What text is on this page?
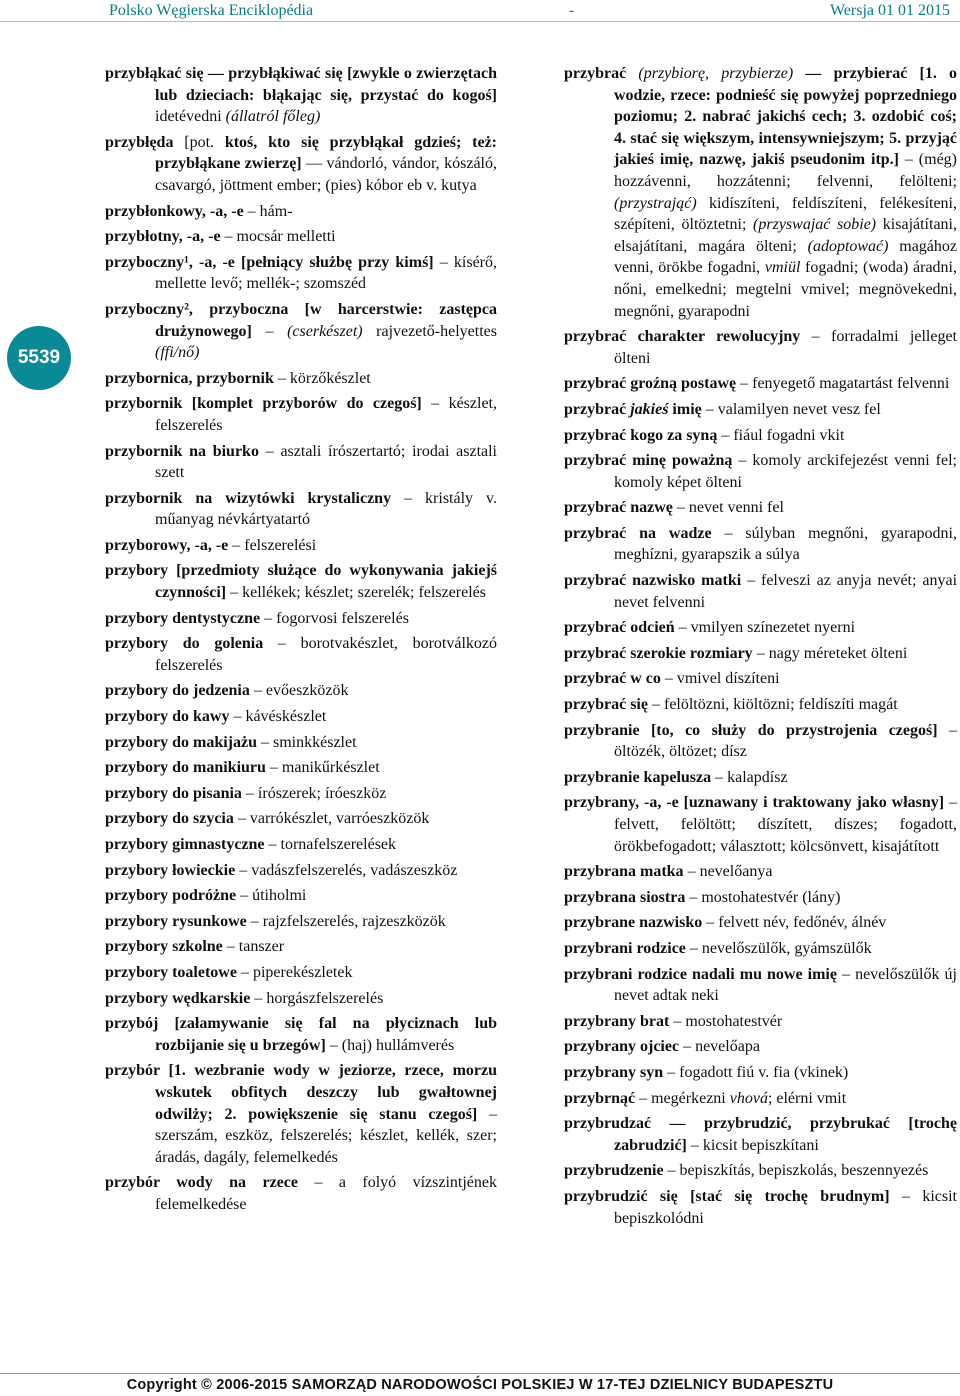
Polsko Węgierska Enciklopédia	-	Wersja 01 01 2015
5539
przybłąkać się — przybłąkiwać się [zwykle o zwierzętach lub dzieciach: błąkając się, przystać do kogoś] idetévedni (állatról főleg)
przybłęda [pot. ktoś, kto się przybłąkał gdzieś; też: przybłąkane zwierzę] — vándorló, vándor, kószáló, csavargó, jöttment ember; (pies) kóbor eb v. kutya
przybłonkowy, -a, -e – hám-
przybłotny, -a, -e – mocsár melletti
przyboczny¹, -a, -e [pełniący służbę przy kimś] – kísérő, mellette levő; mellék-; szomszéd
przyboczny², przyboczna [w harcerstwie: zastępca drużynowego] – (cserkészet) rajvezető-helyettes (ffi/nő)
przybornica, przybornik – körzőkészlet
przybornik [komplet przyborów do czegoś] – készlet, felszerelés
przybornik na biurko – asztali írószertartó; irodai asztali szett
przybornik na wizytówki krystaliczny – kristály v. műanyag névkártyatartó
przyborowy, -a, -e – felszerelési
przybory [przedmioty służące do wykonywania jakiejś czynności] – kellékek; készlet; szerelék; felszerelés
przybory dentystyczne – fogorvosi felszerelés
przybory do golenia – borotvakészlet, borotválkozó felszerelés
przybory do jedzenia – evőeszközök
przybory do kawy – kávéskészlet
przybory do makijażu – sminkkészlet
przybory do manikiuru – manikűrkészlet
przybory do pisania – írószerek; íróeszköz
przybory do szycia – varrókészlet, varróeszközök
przybory gimnastyczne – tornafelszerelések
przybory łowieckie – vadászfelszerelés, vadászeszköz
przybory podróżne – útiholmi
przybory rysunkowe – rajzfelszerelés, rajzeszközök
przybory szkolne – tanszer
przybory toaletowe – piperekészletek
przybory wędkarskie – horgászfelszerelés
przybój [załamywanie się fal na płyciznach lub rozbijanie się u brzegów] – (haj) hullámverés
przybór [1. wezbranie wody w jeziorze, rzece, morzu wskutek obfitych deszczy lub gwałtownej odwilży; 2. powiększenie się stanu czegoś] – szerszám, eszköz, felszerelés; készlet, kellék, szer; áradás, dagály, felemelkedés
przybór wody na rzece – a folyó vízszintjének felemelkedése
przybrać (przybiorę, przybierze) — przybierać [1. o wodzie, rzece: podnieść się powyżej poprzedniego poziomu; 2. nabrać jakichś cech; 3. ozdobić coś; 4. stać się większym, intensywniejszym; 5. przyjąć jakieś imię, nazwę, jakiś pseudonim itp.] – (még) hozzávenni, hozzátenni; felvenni, felölteni; (przystrająć) kidíszíteni, feldíszíteni, felékesíteni, szépíteni, öltöztetni; (przyswajać sobie) kisajátítani, elsajátítani, magára ölteni; (adoptować) magához venni, örökbe fogadni, vmiül fogadni; (woda) áradni, nőni, emelkedni; megtelni vmivel; megnövekedni, megnőni, gyarapodni
przybrać charakter rewolucyjny – forradalmi jelleget ölteni
przybrać groźną postawę – fenyegető magatartást felvenni
przybrać jakieś imię – valamilyen nevet vesz fel
przybrać kogo za syną – fiául fogadni vkit
przybrać minę poważną – komoly arckifejezést venni fel; komoly képet ölteni
przybrać nazwę – nevet venni fel
przybrać na wadze – súlyban megnőni, gyarapodni, meghízni, gyarapszik a súlya
przybrać nazwisko matki – felveszi az anyja nevét; anyai nevet felvenni
przybrać odcień – vmilyen színezetet nyerni
przybrać szerokie rozmiary – nagy méreteket ölteni
przybrać w co – vmivel díszíteni
przybrać się – felöltözni, kiöltözni; feldíszíti magát
przybranie [to, co służy do przystrojenia czegoś] – öltözék, öltözet; dísz
przybranie kapelusza – kalapdísz
przybrany, -a, -e [uznawany i traktowany jako własny] – felvett, felöltött; díszített, díszes; fogadott, örökbefogadott; választott; kölcsönvett, kisajátított
przybrana matka – nevelőanya
przybrana siostra – mostohatestvér (lány)
przybrane nazwisko – felvett név, fedőnév, álnév
przybrani rodzice – nevelőszülők, gyámszülők
przybrani rodzice nadali mu nowe imię – nevelőszülők új nevet adtak neki
przybrany brat – mostohatestvér
przybrany ojciec – nevelőapa
przybrany syn – fogadott fiú v. fia (vkinek)
przybrnąć – megérkezni vhová; elérni vmit
przybrudzać — przybrudzić, przybrukać [trochę zabrudzić] – kicsit bepiszkítani
przybrudzenie – bepiszkítás, bepiszkolás, beszennyezés
przybrudzić się [stać się trochę brudnym] – kicsit bepiszkolódni
Copyright © 2006-2015 SAMORZĄD NARODOWOŚCI POLSKIEJ W 17-TEJ DZIELNICY BUDAPESZTU
